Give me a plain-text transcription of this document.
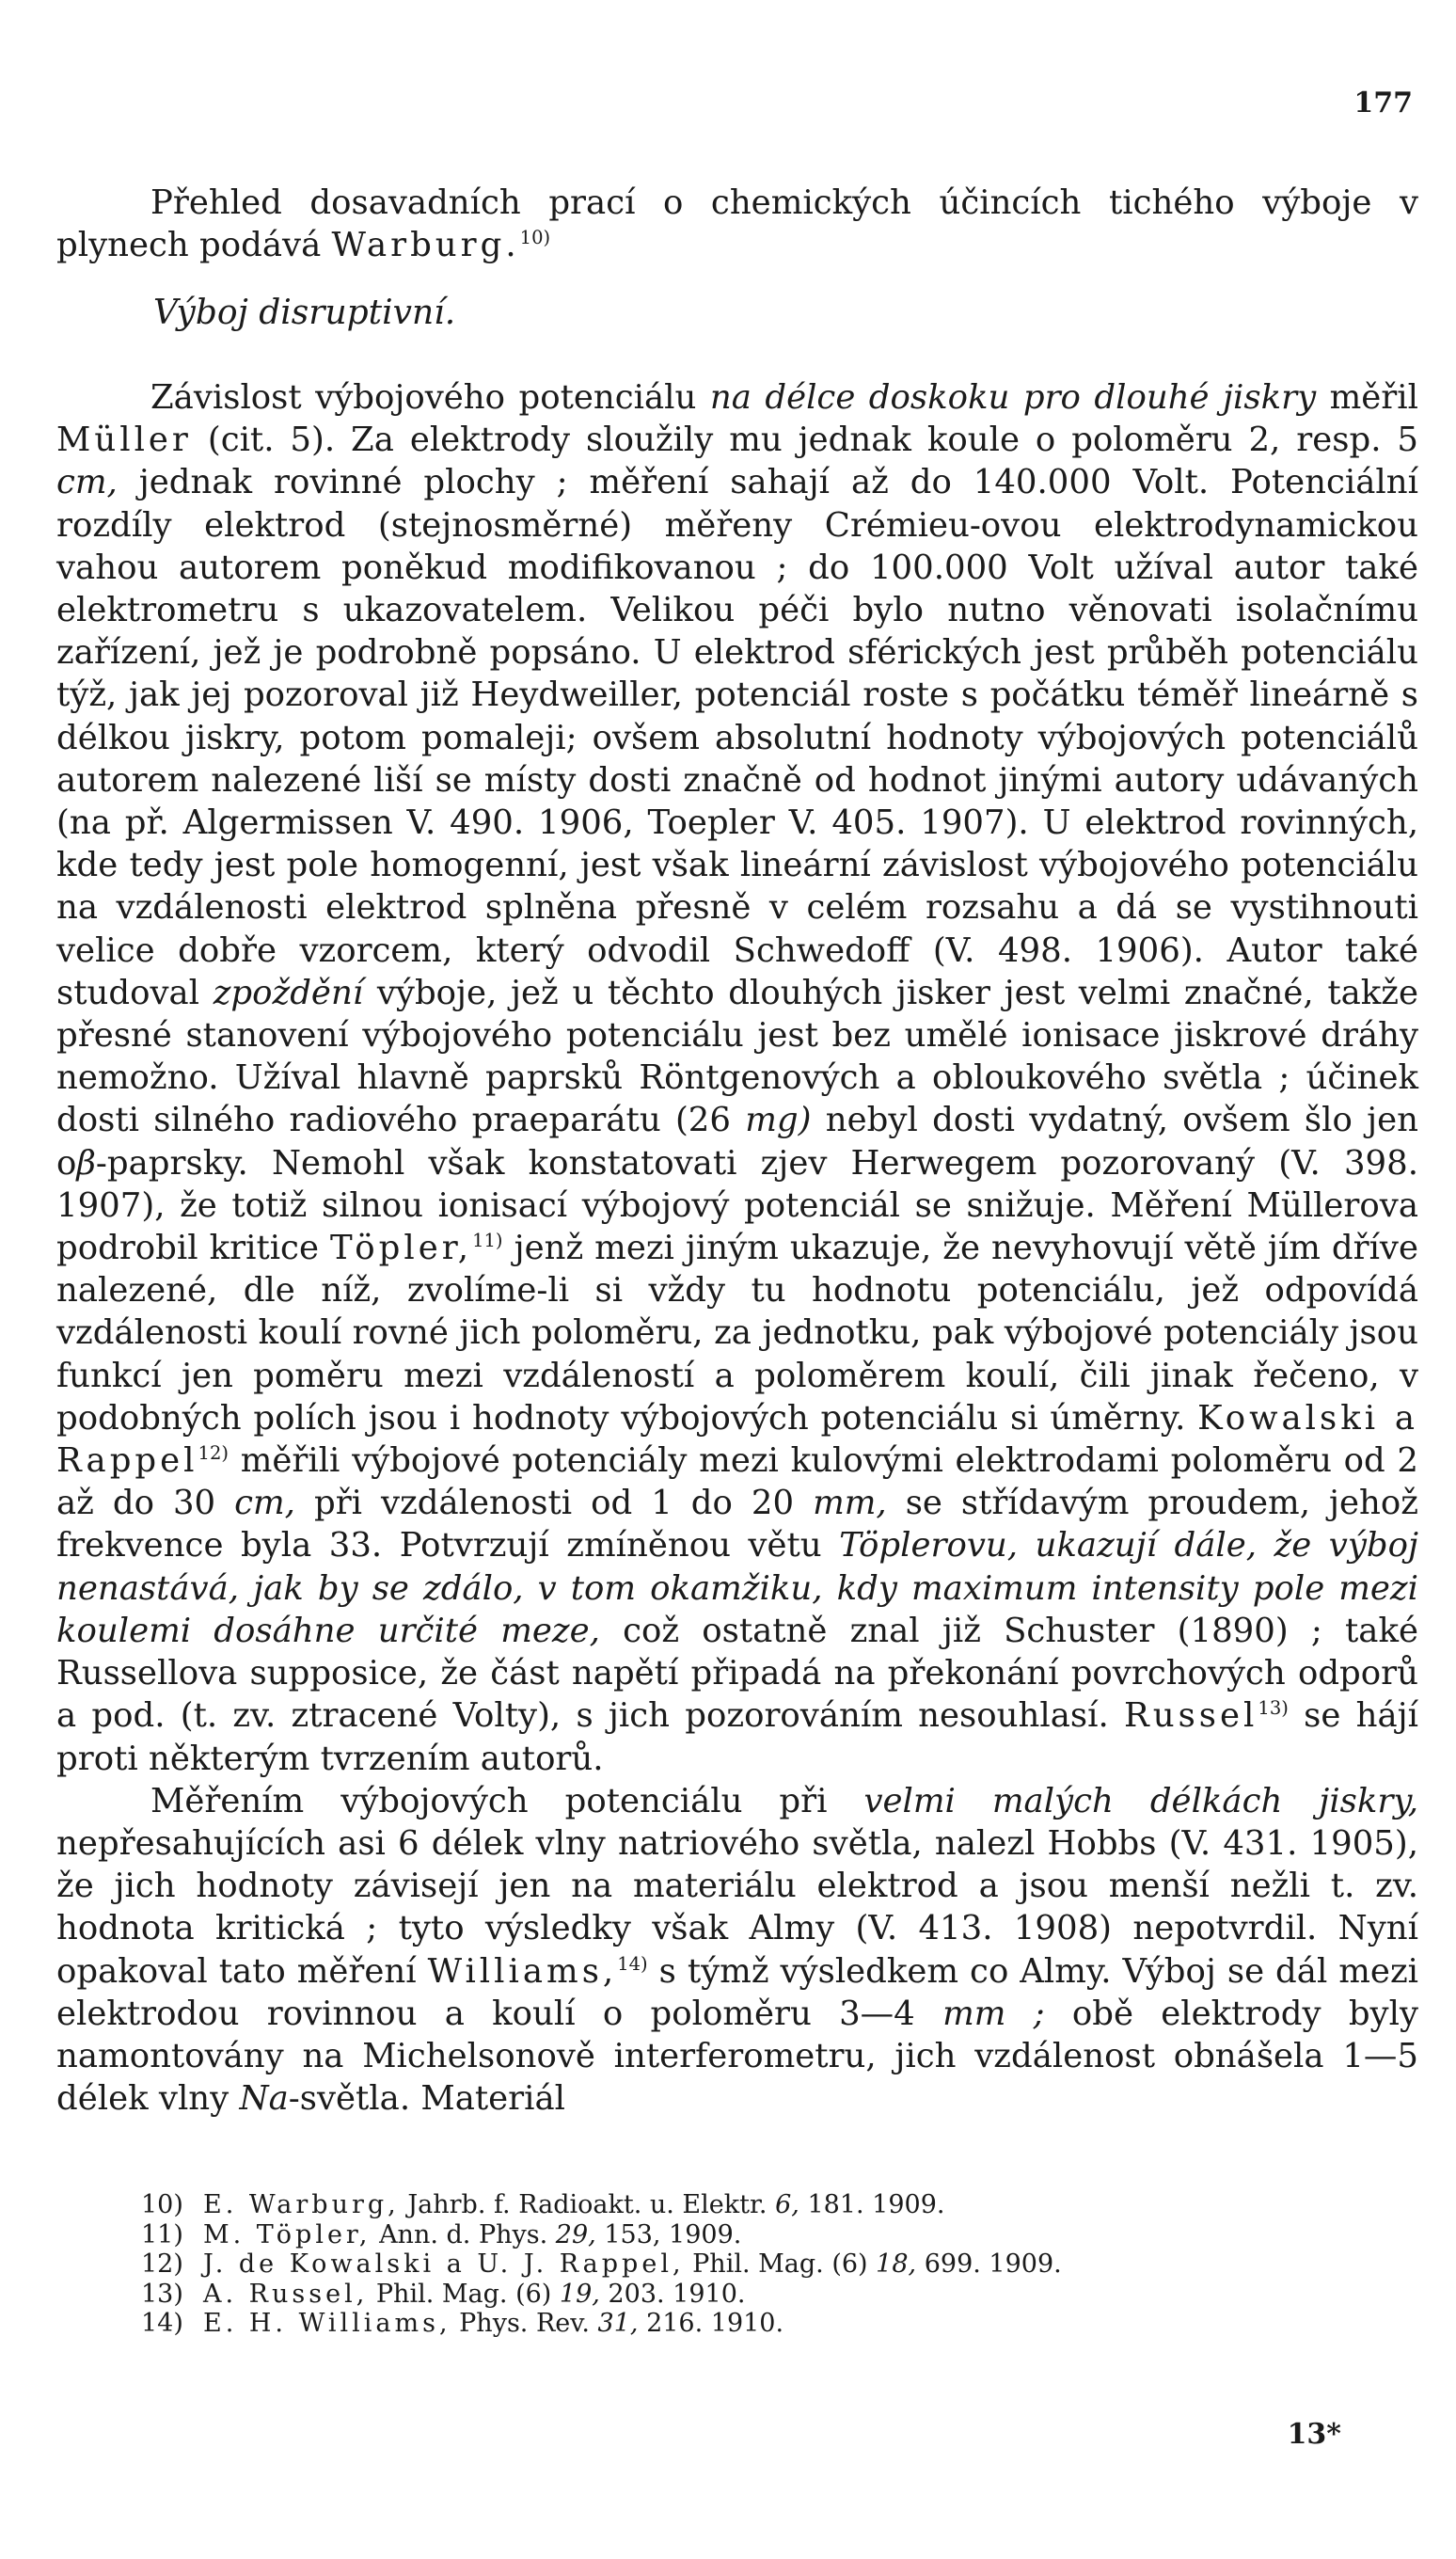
177

Přehled dosavadních prací o chemických účincích tichého výboje v plynech podává Warburg.$^{10)}$

Výboj disruptivní.

Závislost výbojového potenciálu na délce doskoku pro dlouhé jiskry měřil Müller (cit. 5). Za elektrody sloužily mu jednak koule o poloměru 2, resp. 5 cm, jednak rovinné plochy ; měření sahají až do 140.000 Volt. Potenciální rozdíly elektrod (stejnosměrné) měřeny Crémieu-ovou elektrodynamickou vahou autorem poněkud modifikovanou ; do 100.000 Volt užíval autor také elektrometru s ukazovatelem. Velikou péči bylo nutno věnovati isolačnímu zařízení, jež je podrobně popsáno. U elektrod sférických jest průběh potenciálu týž, jak jej pozoroval již Heydweiller, potenciál roste s počátku téměř lineárně s délkou jiskry, potom pomaleji; ovšem absolutní hodnoty výbojových potenciálů autorem nalezené liší se místy dosti značně od hodnot jinými autory udávaných (na př. Algermissen V. 490. 1906, Toepler V. 405. 1907). U elektrod rovinných, kde tedy jest pole homogenní, jest však lineární závislost výbojového potenciálu na vzdálenosti elektrod splněna přesně v celém rozsahu a dá se vystihnouti velice dobře vzorcem, který odvodil Schwedoff (V. 498. 1906). Autor také studoval zpoždění výboje, jež u těchto dlouhých jisker jest velmi značné, takže přesné stanovení výbojového potenciálu jest bez umělé ionisace jiskrové dráhy nemožno. Užíval hlavně paprsků Röntgenových a obloukového světla ; účinek dosti silného radiového praeparátu (26 mg) nebyl dosti vydatný, ovšem šlo jen oβ-paprsky. Nemohl však konstatovati zjev Herwegem pozorovaný (V. 398. 1907), že totiž silnou ionisací výbojový potenciál se snižuje. Měření Müllerova podrobil kritice Töpler,$^{11)}$ jenž mezi jiným ukazuje, že nevyhovují větě jím dříve nalezené, dle níž, zvolíme-li si vždy tu hodnotu potenciálu, jež odpovídá vzdálenosti koulí rovné jich poloměru, za jednotku, pak výbojové potenciály jsou funkcí jen poměru mezi vzdáleností a poloměrem koulí, čili jinak řečeno, v podobných polích jsou i hodnoty výbojových potenciálu si úměrny. Kowalski a Rappel$^{12)}$ měřili výbojové potenciály mezi kulovými elektrodami poloměru od 2 až do 30 cm, při vzdálenosti od 1 do 20 mm, se střídavým proudem, jehož frekvence byla 33. Potvrzují zmíněnou větu Töplerovu, ukazují dále, že výboj nenastává, jak by se zdálo, v tom okamžiku, kdy maximum intensity pole mezi koulemi dosáhne určité meze, což ostatně znal již Schuster (1890) ; také Russellova supposice, že část napětí připadá na překonání povrchových odporů a pod. (t. zv. ztracené Volty), s jich pozorováním nesouhlasí. Russel$^{13)}$ se hájí proti některým tvrzením autorů.

Měřením výbojových potenciálu při velmi malých délkách jiskry, nepřesahujících asi 6 délek vlny natriového světla, nalezl Hobbs (V. 431. 1905), že jich hodnoty závisejí jen na materiálu elektrod a jsou menší nežli t. zv. hodnota kritická ; tyto výsledky však Almy (V. 413. 1908) nepotvrdil. Nyní opakoval tato měření Williams,$^{14)}$ s týmž výsledkem co Almy. Výboj se dál mezi elektrodou rovinnou a koulí o poloměru 3—4 mm ; obě elektrody byly namontovány na Michelsonově interferometru, jich vzdálenost obnášela 1—5 délek vlny Na-světla. Materiál

10) E. Warburg, Jahrb. f. Radioakt. u. Elektr. 6, 181. 1909.
11) M. Töpler, Ann. d. Phys. 29, 153, 1909.
12) J. de Kowalski a U. J. Rappel, Phil. Mag. (6) 18, 699. 1909.
13) A. Russel, Phil. Mag. (6) 19, 203. 1910.
14) E. H. Williams, Phys. Rev. 31, 216. 1910.
13*
